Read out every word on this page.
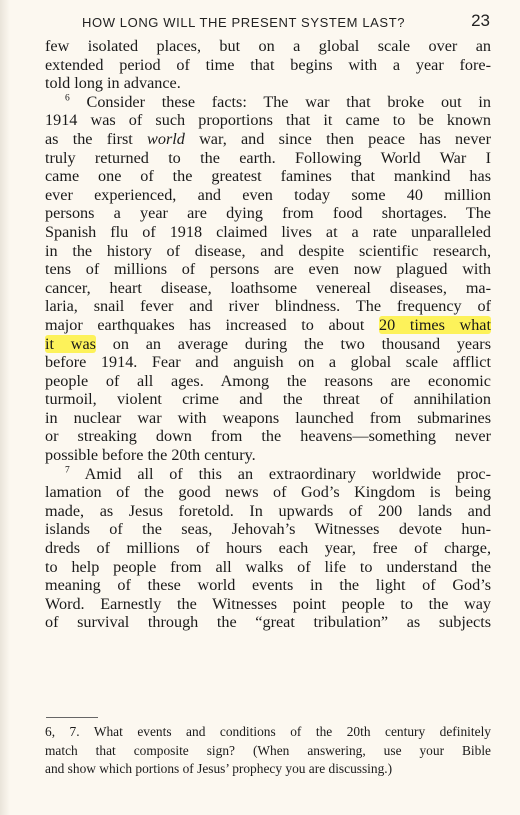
HOW LONG WILL THE PRESENT SYSTEM LAST?	23
few isolated places, but on a global scale over an
extended period of time that begins with a year fore-
told long in advance.
$^6$ Consider these facts: The war that broke out in
1914 was of such proportions that it came to be known
as the first world war, and since then peace has never
truly returned to the earth. Following World War I
came one of the greatest famines that mankind has
ever experienced, and even today some 40 million
persons a year are dying from food shortages. The
Spanish flu of 1918 claimed lives at a rate unparalleled
in the history of disease, and despite scientific research,
tens of millions of persons are even now plagued with
cancer, heart disease, loathsome venereal diseases, ma-
laria, snail fever and river blindness. The frequency of
major earthquakes has increased to about 20 times what
it was on an average during the two thousand years
before 1914. Fear and anguish on a global scale afflict
people of all ages. Among the reasons are economic
turmoil, violent crime and the threat of annihilation
in nuclear war with weapons launched from submarines
or streaking down from the heavens—something never
possible before the 20th century.
$^7$ Amid all of this an extraordinary worldwide proc-
lamation of the good news of God’s Kingdom is being
made, as Jesus foretold. In upwards of 200 lands and
islands of the seas, Jehovah’s Witnesses devote hun-
dreds of millions of hours each year, free of charge,
to help people from all walks of life to understand the
meaning of these world events in the light of God’s
Word. Earnestly the Witnesses point people to the way
of survival through the “great tribulation” as subjects
6, 7. What events and conditions of the 20th century definitely
match that composite sign? (When answering, use your Bible
and show which portions of Jesus’ prophecy you are discussing.)
